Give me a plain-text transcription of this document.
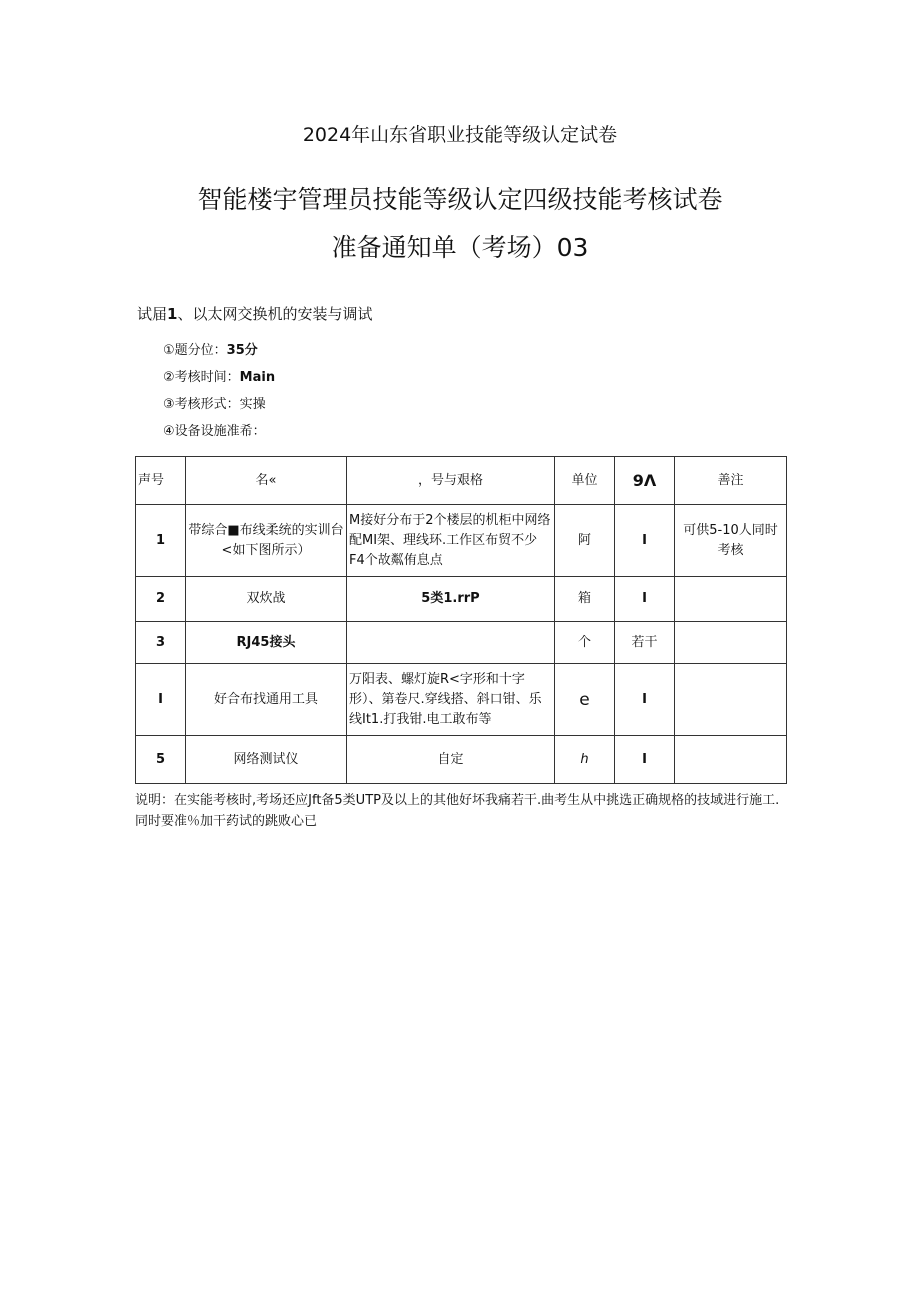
2024年山东省职业技能等级认定试卷
智能楼宇管理员技能等级认定四级技能考核试卷
准备通知单（考场）03
试届1、以太网交换机的安装与调试
①题分位：35分
②考核时间：Main
③考核形式：实操
④设备设施准希：
声号	名«	，号与艰格	单位	9Λ	善注
1	带综合■布线柔统的实训台<如下图所示）	M接好分布于2个楼层的机柜中网络配MI架、理线环.工作区布贸不少F4个故粼侑息点	阿	I	可供5-10人同时考核
2	双炊战	5类1.rrP	箱	I	
3	RJ45接头		个	若干	
I	好合布找通用工具	万阳表、螺灯旋R<字形和十字形）、第卷尺.穿线搭、斜口钳、乐线It1.打我钳.电工敢布等	e	I	
5	网络测试仪	自定	h	I	
说明：在实能考核时,考场还应Jft备5类UTP及以上的其他好坏我痛若干.曲考生从中挑选正确规格的技域进行施工.
同时要准％加干药试的跳败心已
